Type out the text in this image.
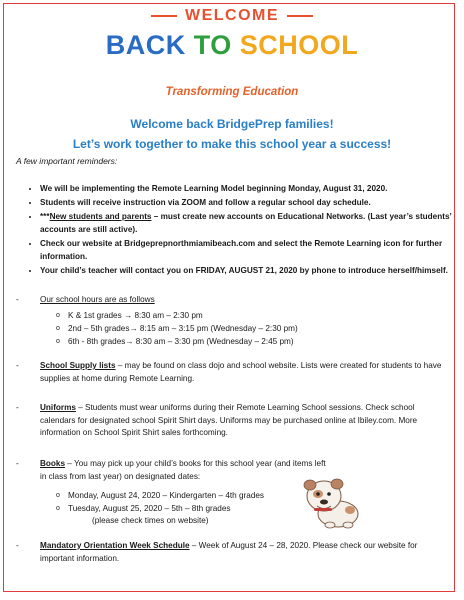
WELCOME
BACK TO SCHOOL
Transforming Education
Welcome back BridgePrep families!
Let’s work together to make this school year a success!
A few important reminders:
• We will be implementing the Remote Learning Model beginning Monday, August 31, 2020.
• Students will receive instruction via ZOOM and follow a regular school day schedule.
• ***New students and parents – must create new accounts on Educational Networks. (Last year’s students’ accounts are still active).
• Check our website at Bridgeprepnorthmiamibeach.com and select the Remote Learning icon for further information.
• Your child’s teacher will contact you on FRIDAY, AUGUST 21, 2020 by phone to introduce herself/himself.
-	Our school hours are as follows
o K & 1st grades → 8:30 am – 2:30 pm
o 2nd – 5th grades→ 8:15 am – 3:15 pm (Wednesday – 2:30 pm)
o 6th - 8th grades→ 8:30 am – 3:30 pm (Wednesday – 2:45 pm)
-	School Supply lists – may be found on class dojo and school website. Lists were created for students to have supplies at home during Remote Learning.
-	Uniforms – Students must wear uniforms during their Remote Learning School sessions. Check school calendars for designated school Spirit Shirt days. Uniforms may be purchased online at Ibiley.com. More information on School Spirit Shirt sales forthcoming.
-	Books – You may pick up your child’s books for this school year (and items left in class from last year) on designated dates:
o Monday, August 24, 2020 – Kindergarten – 4th grades
o Tuesday, August 25, 2020 – 5th – 8th grades
(please check times on website)
-	Mandatory Orientation Week Schedule – Week of August 24 – 28, 2020. Please check our website for important information.
